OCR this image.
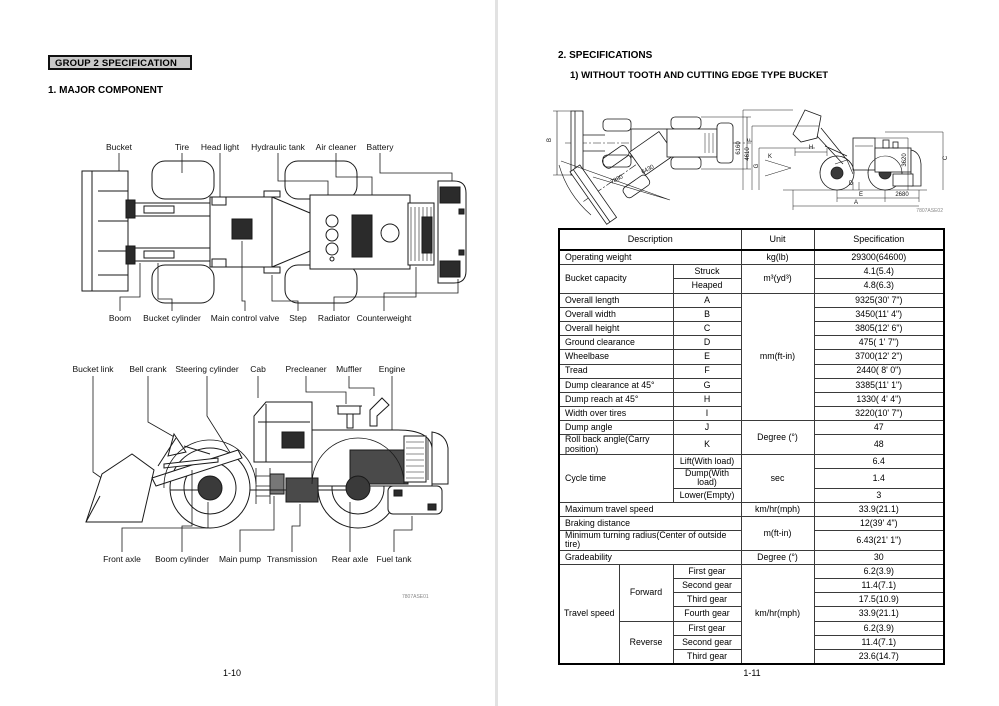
GROUP 2 SPECIFICATION
1. MAJOR COMPONENT
Bucket	Tire Head light Hydraulic tank Air cleaner Battery
Boom Bucket cylinder Main control valve Step Radiator Counterweight
Bucket link Bell crank Steering cylinder Cab Precleaner Muffler Engine
Front axle Boom cylinder Main pump Transmission Rear axle Fuel tank
7807ASE01
1-10
2. SPECIFICATIONS
1) WITHOUT TOOTH AND CUTTING EDGE TYPE BUCKET
B	F
7880
6430
6160 4610
G
H
K
D
3620	C
E	2680
A
7807ASE02
Description			Unit	Specification
Operating weight			kg(lb)	29300(64600)
Bucket capacity		Struck	m³(yd³)	4.1(5.4)
		Heaped		4.8(6.3)
Overall length		A	mm(ft-in)	9325(30' 7")
Overall width		B		3450(11' 4")
Overall height		C		3805(12' 6")
Ground clearance		D		475( 1' 7")
Wheelbase		E		3700(12' 2")
Tread		F		2440( 8' 0")
Dump clearance at 45°		G		3385(11' 1")
Dump reach at 45°		H		1330( 4' 4")
Width over tires		I		3220(10' 7")
Dump angle		J	Degree (°)	47
Roll back angle(Carry position)		K		48
Cycle time		Lift(With load)	sec	6.4
		Dump(With load)		1.4
		Lower(Empty)		3
Maximum travel speed			km/hr(mph)	33.9(21.1)
Braking distance			m(ft-in)	12(39' 4")
Minimum turning radius(Center of outside tire)				6.43(21' 1")
Gradeability			Degree (°)	30
Travel speed	Forward	First gear	km/hr(mph)	6.2(3.9)
		Second gear		11.4(7.1)
		Third gear		17.5(10.9)
		Fourth gear		33.9(21.1)
	Reverse	First gear		6.2(3.9)
		Second gear		11.4(7.1)
		Third gear		23.6(14.7)
1-11
